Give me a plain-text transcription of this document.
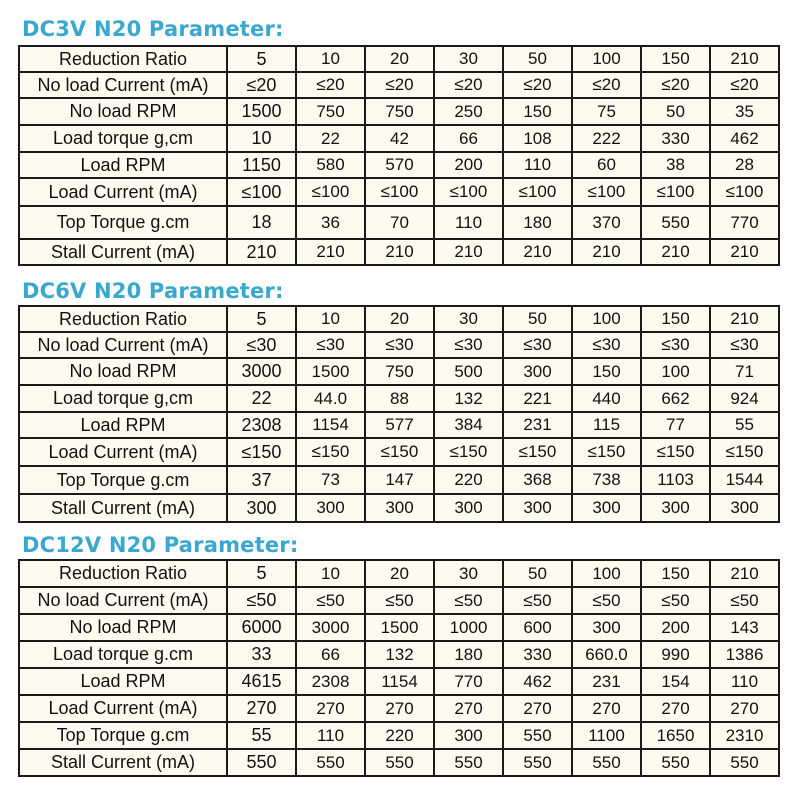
DC3V N20 Parameter:
Reduction Ratio	5	10	20	30	50	100	150	210
No load Current (mA)	≤20	≤20	≤20	≤20	≤20	≤20	≤20	≤20
No load RPM	1500	750	750	250	150	75	50	35
Load torque g,cm	10	22	42	66	108	222	330	462
Load RPM	1150	580	570	200	110	60	38	28
Load Current (mA)	≤100	≤100	≤100	≤100	≤100	≤100	≤100	≤100
Top Torque g.cm	18	36	70	110	180	370	550	770
Stall Current (mA)	210	210	210	210	210	210	210	210
DC6V N20 Parameter:
Reduction Ratio	5	10	20	30	50	100	150	210
No load Current (mA)	≤30	≤30	≤30	≤30	≤30	≤30	≤30	≤30
No load RPM	3000	1500	750	500	300	150	100	71
Load torque g,cm	22	44.0	88	132	221	440	662	924
Load RPM	2308	1154	577	384	231	115	77	55
Load Current (mA)	≤150	≤150	≤150	≤150	≤150	≤150	≤150	≤150
Top Torque g.cm	37	73	147	220	368	738	1103	1544
Stall Current (mA)	300	300	300	300	300	300	300	300
DC12V N20 Parameter:
Reduction Ratio	5	10	20	30	50	100	150	210
No load Current (mA)	≤50	≤50	≤50	≤50	≤50	≤50	≤50	≤50
No load RPM	6000	3000	1500	1000	600	300	200	143
Load torque g.cm	33	66	132	180	330	660.0	990	1386
Load RPM	4615	2308	1154	770	462	231	154	110
Load Current (mA)	270	270	270	270	270	270	270	270
Top Torque g.cm	55	110	220	300	550	1100	1650	2310
Stall Current (mA)	550	550	550	550	550	550	550	550
